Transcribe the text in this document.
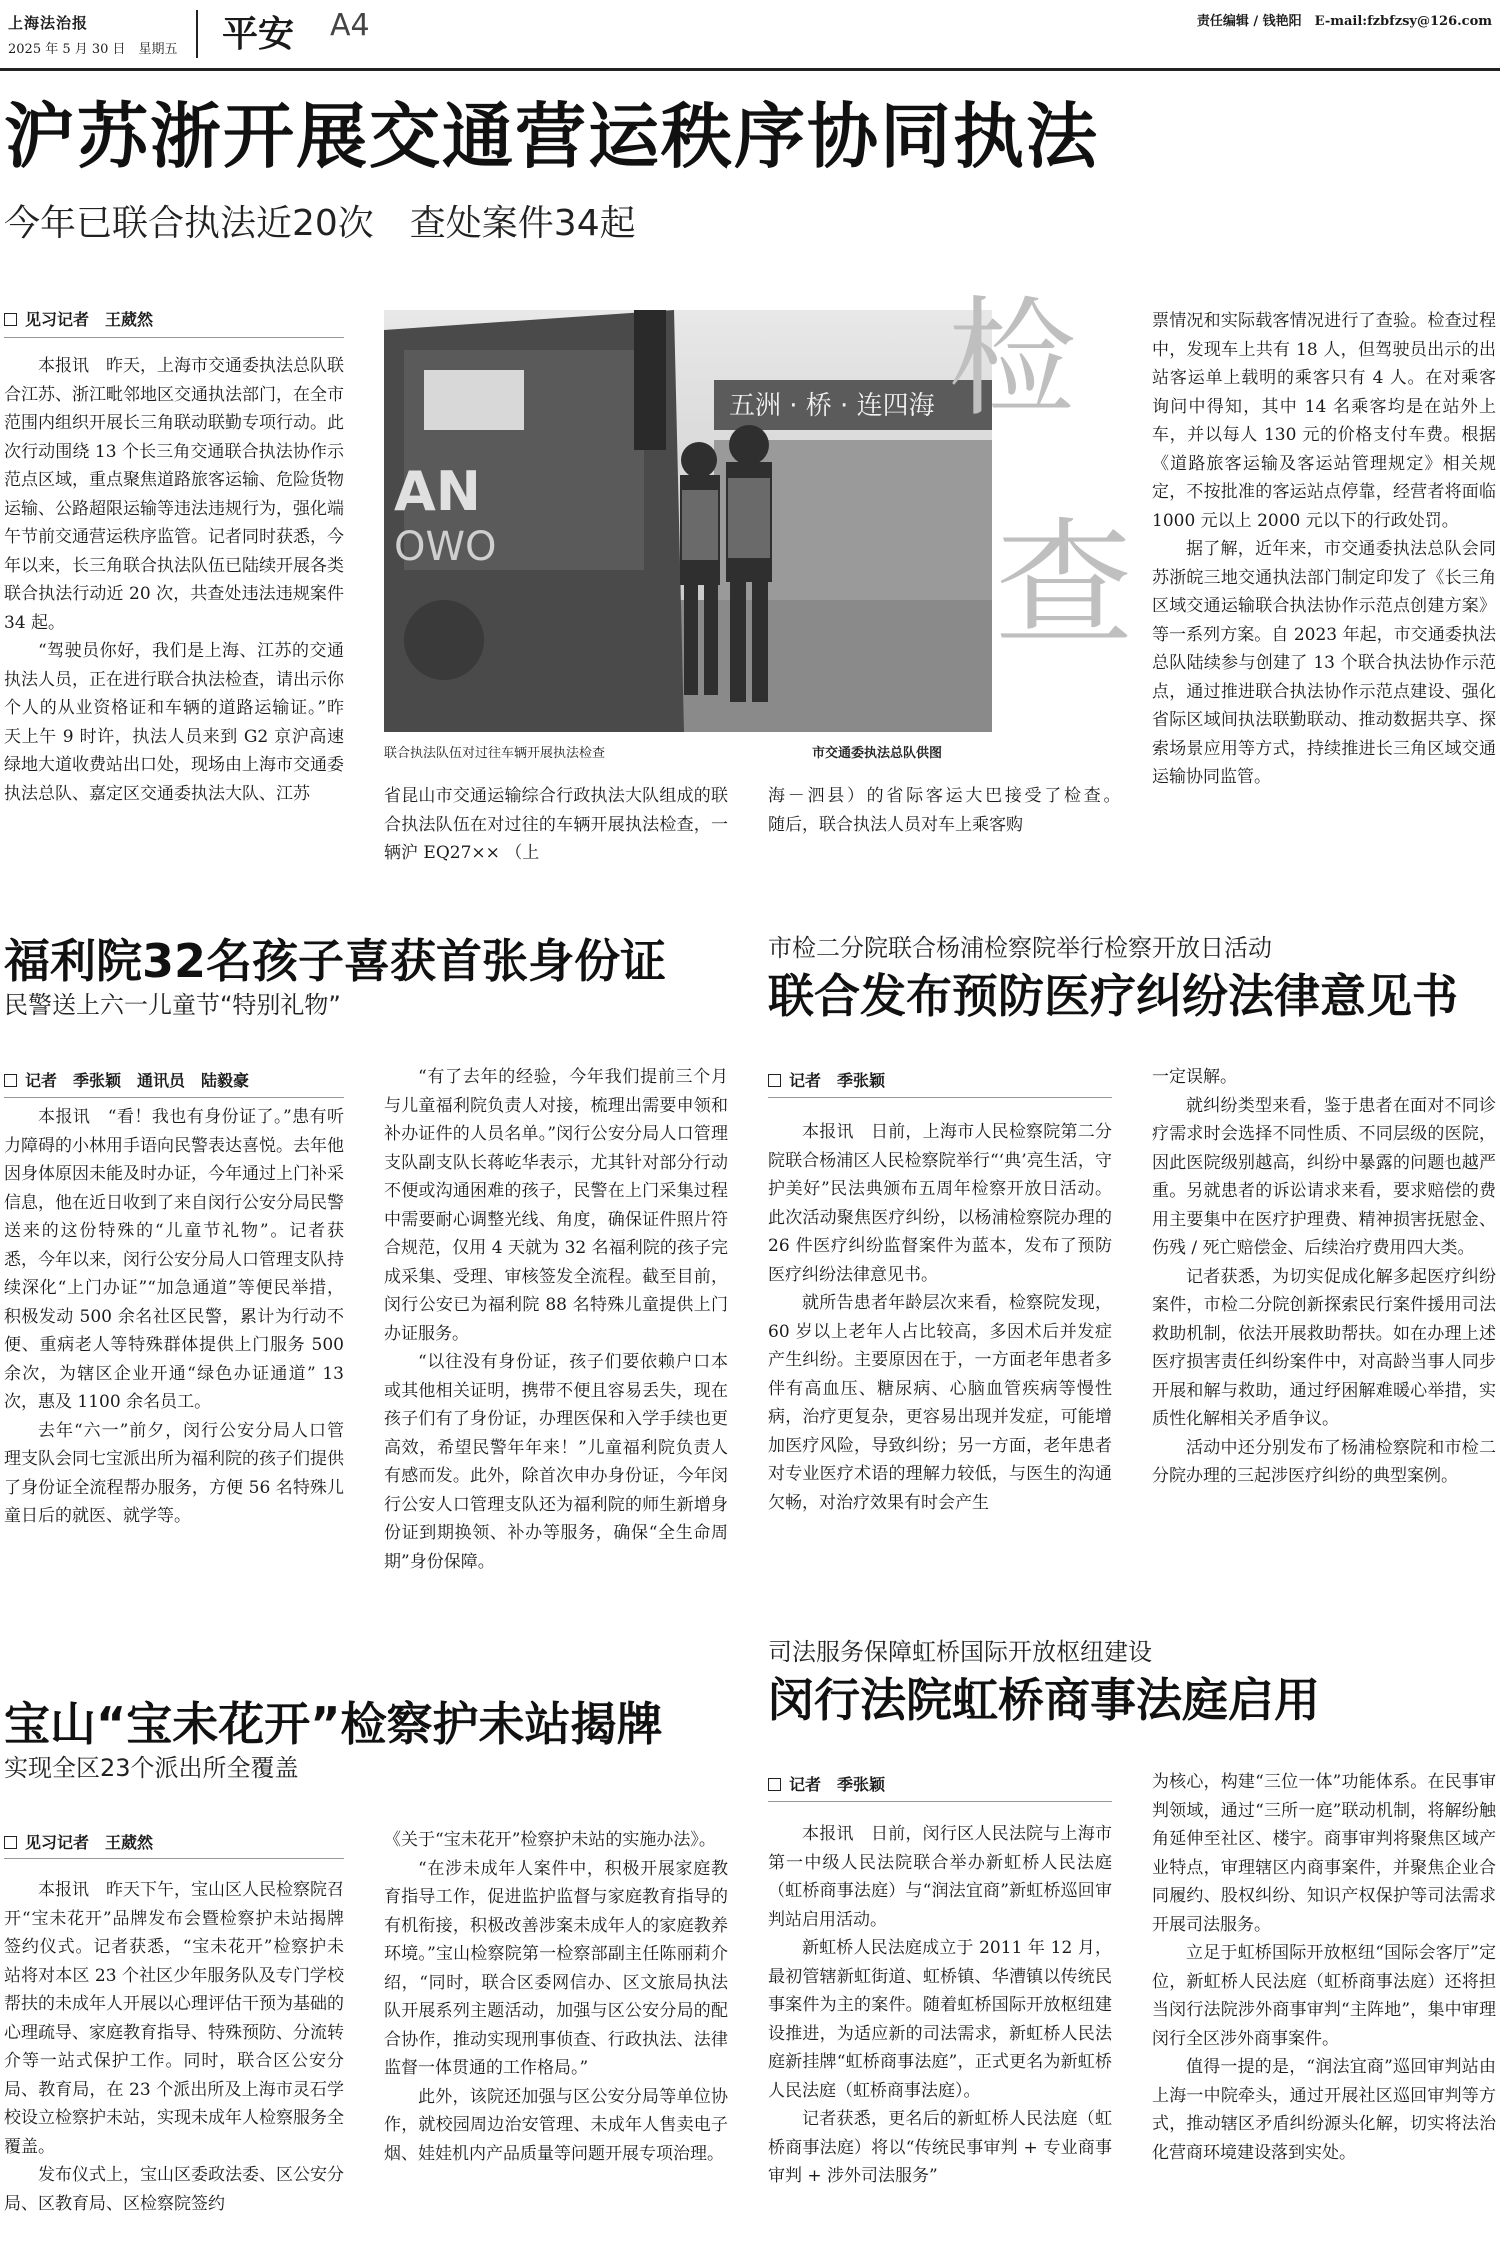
上海法治报
2025 年 5 月 30 日　星期五 平安 A4	责任编辑 / 钱艳阳　E-mail:fzbfzsy@126.com
沪苏浙开展交通营运秩序协同执法
今年已联合执法近20次　查处案件34起
见习记者　王葳然

本报讯　昨天，上海市交通委执法总队联合江苏、浙江毗邻地区交通执法部门，在全市范围内组织开展长三角联动联勤专项行动。此次行动围绕 13 个长三角交通联合执法协作示范点区域，重点聚焦道路旅客运输、危险货物运输、公路超限运输等违法违规行为，强化端午节前交通营运秩序监管。记者同时获悉，今年以来，长三角联合执法队伍已陆续开展各类联合执法行动近 20 次，共查处违法违规案件 34 起。

“驾驶员你好，我们是上海、江苏的交通执法人员，正在进行联合执法检查，请出示你个人的从业资格证和车辆的道路运输证。”昨天上午 9 时许，执法人员来到 G2 京沪高速绿地大道收费站出口处，现场由上海市交通委执法总队、嘉定区交通委执法大队、江苏

五洲 · 桥 · 连四海
AN
OWO
检
查
联合执法队伍对过往车辆开展执法检查	市交通委执法总队供图

省昆山市交通运输综合行政执法大队组成的联合执法队伍在对过往的车辆开展执法检查，一辆沪 EQ27×× （上

海－泗县）的省际客运大巴接受了检查。　　随后，联合执法人员对车上乘客购

票情况和实际载客情况进行了查验。检查过程中，发现车上共有 18 人，但驾驶员出示的出站客运单上载明的乘客只有 4 人。在对乘客询问中得知，其中 14 名乘客均是在站外上车，并以每人 130 元的价格支付车费。根据《道路旅客运输及客运站管理规定》相关规定，不按批准的客运站点停靠，经营者将面临 1000 元以上 2000 元以下的行政处罚。

据了解，近年来，市交通委执法总队会同苏浙皖三地交通执法部门制定印发了《长三角区域交通运输联合执法协作示范点创建方案》等一系列方案。自 2023 年起，市交通委执法总队陆续参与创建了 13 个联合执法协作示范点，通过推进联合执法协作示范点建设、强化省际区域间执法联勤联动、推动数据共享、探索场景应用等方式，持续推进长三角区域交通运输协同监管。

福利院32名孩子喜获首张身份证
民警送上六一儿童节“特别礼物”
记者　季张颖　通讯员　陆毅豪

本报讯　“看！我也有身份证了。”患有听力障碍的小林用手语向民警表达喜悦。去年他因身体原因未能及时办证，今年通过上门补采信息，他在近日收到了来自闵行公安分局民警送来的这份特殊的“儿童节礼物”。记者获悉，今年以来，闵行公安分局人口管理支队持续深化“上门办证”“加急通道”等便民举措，积极发动 500 余名社区民警，累计为行动不便、重病老人等特殊群体提供上门服务 500 余次，为辖区企业开通“绿色办证通道” 13 次，惠及 1100 余名员工。

去年“六一”前夕，闵行公安分局人口管理支队会同七宝派出所为福利院的孩子们提供了身份证全流程帮办服务，方便 56 名特殊儿童日后的就医、就学等。

“有了去年的经验，今年我们提前三个月与儿童福利院负责人对接，梳理出需要申领和补办证件的人员名单。”闵行公安分局人口管理支队副支队长蒋屹华表示，尤其针对部分行动不便或沟通困难的孩子，民警在上门采集过程中需要耐心调整光线、角度，确保证件照片符合规范，仅用 4 天就为 32 名福利院的孩子完成采集、受理、审核签发全流程。截至目前，闵行公安已为福利院 88 名特殊儿童提供上门办证服务。

“以往没有身份证，孩子们要依赖户口本或其他相关证明，携带不便且容易丢失，现在孩子们有了身份证，办理医保和入学手续也更高效，希望民警年年来！”儿童福利院负责人有感而发。此外，除首次申办身份证，今年闵行公安人口管理支队还为福利院的师生新增身份证到期换领、补办等服务，确保“全生命周期”身份保障。

市检二分院联合杨浦检察院举行检察开放日活动
联合发布预防医疗纠纷法律意见书
记者　季张颖

本报讯　日前，上海市人民检察院第二分院联合杨浦区人民检察院举行“‘典’亮生活，守护美好”民法典颁布五周年检察开放日活动。此次活动聚焦医疗纠纷，以杨浦检察院办理的 26 件医疗纠纷监督案件为蓝本，发布了预防医疗纠纷法律意见书。

就所告患者年龄层次来看，检察院发现，60 岁以上老年人占比较高，多因术后并发症产生纠纷。主要原因在于，一方面老年患者多伴有高血压、糖尿病、心脑血管疾病等慢性病，治疗更复杂，更容易出现并发症，可能增加医疗风险，导致纠纷；另一方面，老年患者对专业医疗术语的理解力较低，与医生的沟通欠畅，对治疗效果有时会产生

一定误解。

就纠纷类型来看，鉴于患者在面对不同诊疗需求时会选择不同性质、不同层级的医院，因此医院级别越高，纠纷中暴露的问题也越严重。另就患者的诉讼请求来看，要求赔偿的费用主要集中在医疗护理费、精神损害抚慰金、伤残 / 死亡赔偿金、后续治疗费用四大类。

记者获悉，为切实促成化解多起医疗纠纷案件，市检二分院创新探索民行案件援用司法救助机制，依法开展救助帮扶。如在办理上述医疗损害责任纠纷案件中，对高龄当事人同步开展和解与救助，通过纾困解难暖心举措，实质性化解相关矛盾争议。

活动中还分别发布了杨浦检察院和市检二分院办理的三起涉医疗纠纷的典型案例。

宝山“宝未花开”检察护未站揭牌
实现全区23个派出所全覆盖
见习记者　王葳然

本报讯　昨天下午，宝山区人民检察院召开“宝未花开”品牌发布会暨检察护未站揭牌签约仪式。记者获悉，“宝未花开”检察护未站将对本区 23 个社区少年服务队及专门学校帮扶的未成年人开展以心理评估干预为基础的心理疏导、家庭教育指导、特殊预防、分流转介等一站式保护工作。同时，联合区公安分局、教育局，在 23 个派出所及上海市灵石学校设立检察护未站，实现未成年人检察服务全覆盖。

发布仪式上，宝山区委政法委、区公安分局、区教育局、区检察院签约

《关于“宝未花开”检察护未站的实施办法》。

“在涉未成年人案件中，积极开展家庭教育指导工作，促进监护监督与家庭教育指导的有机衔接，积极改善涉案未成年人的家庭教养环境。”宝山检察院第一检察部副主任陈丽莉介绍，“同时，联合区委网信办、区文旅局执法队开展系列主题活动，加强与区公安分局的配合协作，推动实现刑事侦查、行政执法、法律监督一体贯通的工作格局。”

此外，该院还加强与区公安分局等单位协作，就校园周边治安管理、未成年人售卖电子烟、娃娃机内产品质量等问题开展专项治理。

司法服务保障虹桥国际开放枢纽建设
闵行法院虹桥商事法庭启用
记者　季张颖

本报讯　日前，闵行区人民法院与上海市第一中级人民法院联合举办新虹桥人民法庭（虹桥商事法庭）与“润法宜商”新虹桥巡回审判站启用活动。

新虹桥人民法庭成立于 2011 年 12 月，最初管辖新虹街道、虹桥镇、华漕镇以传统民事案件为主的案件。随着虹桥国际开放枢纽建设推进，为适应新的司法需求，新虹桥人民法庭新挂牌“虹桥商事法庭”，正式更名为新虹桥人民法庭（虹桥商事法庭）。

记者获悉，更名后的新虹桥人民法庭（虹桥商事法庭）将以“传统民事审判 + 专业商事审判 + 涉外司法服务”

为核心，构建“三位一体”功能体系。在民事审判领域，通过“三所一庭”联动机制，将解纷触角延伸至社区、楼宇。商事审判将聚焦区域产业特点，审理辖区内商事案件，并聚焦企业合同履约、股权纠纷、知识产权保护等司法需求开展司法服务。

立足于虹桥国际开放枢纽“国际会客厅”定位，新虹桥人民法庭（虹桥商事法庭）还将担当闵行法院涉外商事审判“主阵地”，集中审理闵行全区涉外商事案件。

值得一提的是，“润法宜商”巡回审判站由上海一中院牵头，通过开展社区巡回审判等方式，推动辖区矛盾纠纷源头化解，切实将法治化营商环境建设落到实处。
